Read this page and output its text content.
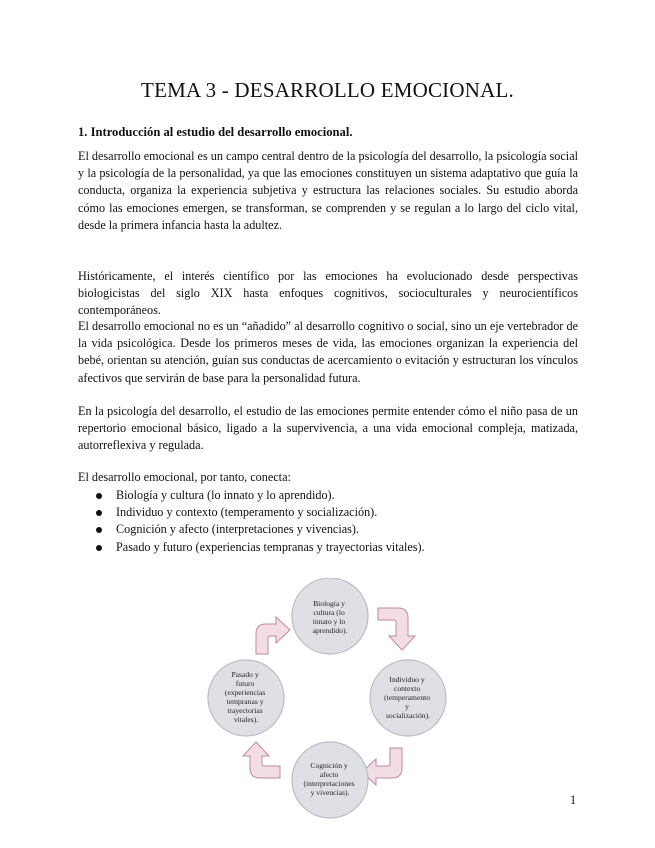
TEMA 3 - DESARROLLO EMOCIONAL.
1. Introducción al estudio del desarrollo emocional.

El desarrollo emocional es un campo central dentro de la psicología del desarrollo, la psicología social y la psicología de la personalidad, ya que las emociones constituyen un sistema adaptativo que guía la conducta, organiza la experiencia subjetiva y estructura las relaciones sociales. Su estudio aborda cómo las emociones emergen, se transforman, se comprenden y se regulan a lo largo del ciclo vital, desde la primera infancia hasta la adultez.

Históricamente, el interés científico por las emociones ha evolucionado desde perspectivas biologicistas del siglo XIX hasta enfoques cognitivos, socioculturales y neurocientíficos contemporáneos.

El desarrollo emocional no es un “añadido” al desarrollo cognitivo o social, sino un eje vertebrador de la vida psicológica. Desde los primeros meses de vida, las emociones organizan la experiencia del bebé, orientan su atención, guían sus conductas de acercamiento o evitación y estructuran los vínculos afectivos que servirán de base para la personalidad futura.

En la psicología del desarrollo, el estudio de las emociones permite entender cómo el niño pasa de un repertorio emocional básico, ligado a la supervivencia, a una vida emocional compleja, matizada, autorreflexiva y regulada.

El desarrollo emocional, por tanto, conecta:

Biología y cultura (lo innato y lo aprendido).
Individuo y contexto (temperamento y socialización).
Cognición y afecto (interpretaciones y vivencias).
Pasado y futuro (experiencias tempranas y trayectorias vitales).
Biología y cultura (lo innato y lo aprendido).
Individuo y contexto (temperamento y socialización).
Cognición y afecto (interpretaciones y vivencias).
Pasado y futuro (experiencias tempranas y trayectorias vitales).
1
